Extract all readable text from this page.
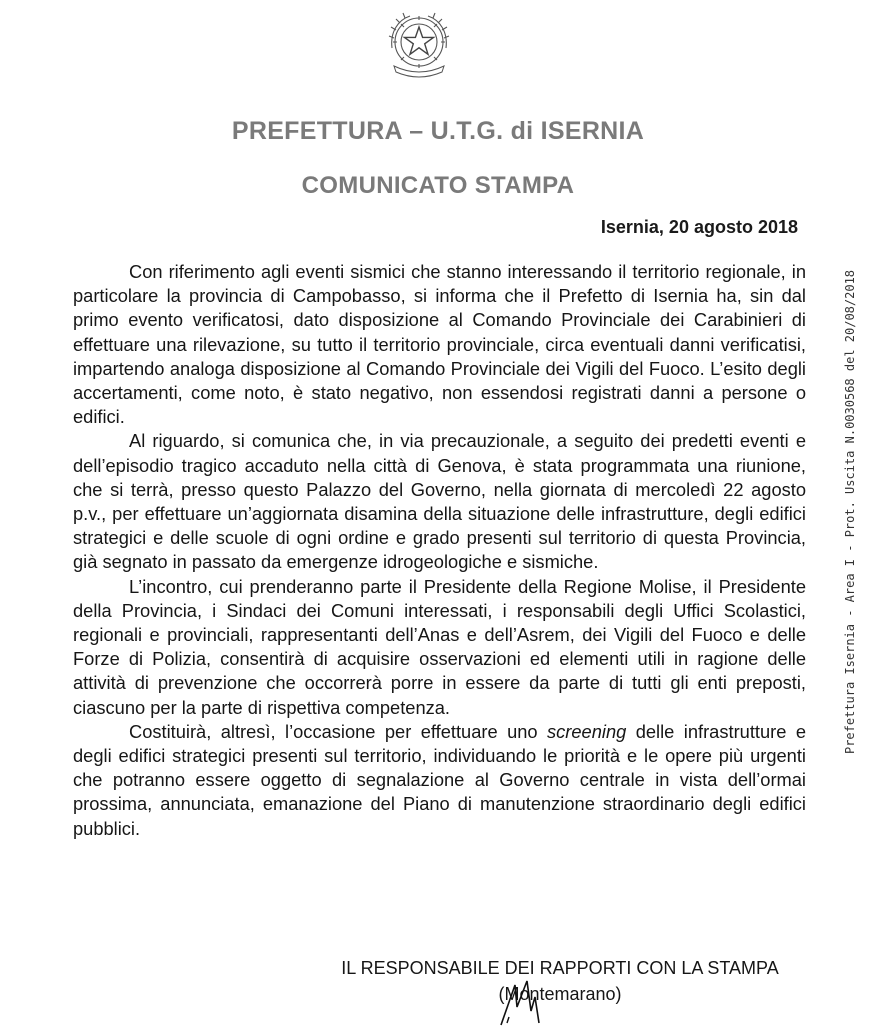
PREFETTURA – U.T.G. di ISERNIA
COMUNICATO STAMPA
Isernia, 20 agosto 2018

Con riferimento agli eventi sismici che stanno interessando il territorio regionale, in particolare la provincia di Campobasso, si informa che il Prefetto di Isernia ha, sin dal primo evento verificatosi, dato disposizione al Comando Provinciale dei Carabinieri di effettuare una rilevazione, su tutto il territorio provinciale, circa eventuali danni verificatisi, impartendo analoga disposizione al Comando Provinciale dei Vigili del Fuoco. L’esito degli accertamenti, come noto, è stato negativo, non essendosi registrati danni a persone o edifici.

Al riguardo, si comunica che, in via precauzionale, a seguito dei predetti eventi e dell’episodio tragico accaduto nella città di Genova, è stata programmata una riunione, che si terrà, presso questo Palazzo del Governo, nella giornata di mercoledì 22 agosto p.v., per effettuare un’aggiornata disamina della situazione delle infrastrutture, degli edifici strategici e delle scuole di ogni ordine e grado presenti sul territorio di questa Provincia, già segnato in passato da emergenze idrogeologiche e sismiche.

L’incontro, cui prenderanno parte il Presidente della Regione Molise, il Presidente della Provincia, i Sindaci dei Comuni interessati, i responsabili degli Uffici Scolastici, regionali e provinciali, rappresentanti dell’Anas e dell’Asrem, dei Vigili del Fuoco e delle Forze di Polizia, consentirà di acquisire osservazioni ed elementi utili in ragione delle attività di prevenzione che occorrerà porre in essere da parte di tutti gli enti preposti, ciascuno per la parte di rispettiva competenza.

Costituirà, altresì, l’occasione per effettuare uno screening delle infrastrutture e degli edifici strategici presenti sul territorio, individuando le priorità e le opere più urgenti che potranno essere oggetto di segnalazione al Governo centrale in vista dell’ormai prossima, annunciata, emanazione del Piano di manutenzione straordinario degli edifici pubblici.

IL RESPONSABILE DEI RAPPORTI CON LA STAMPA
(Montemarano)
Prefettura Isernia - Area I - Prot. Uscita N.0030568 del 20/08/2018
